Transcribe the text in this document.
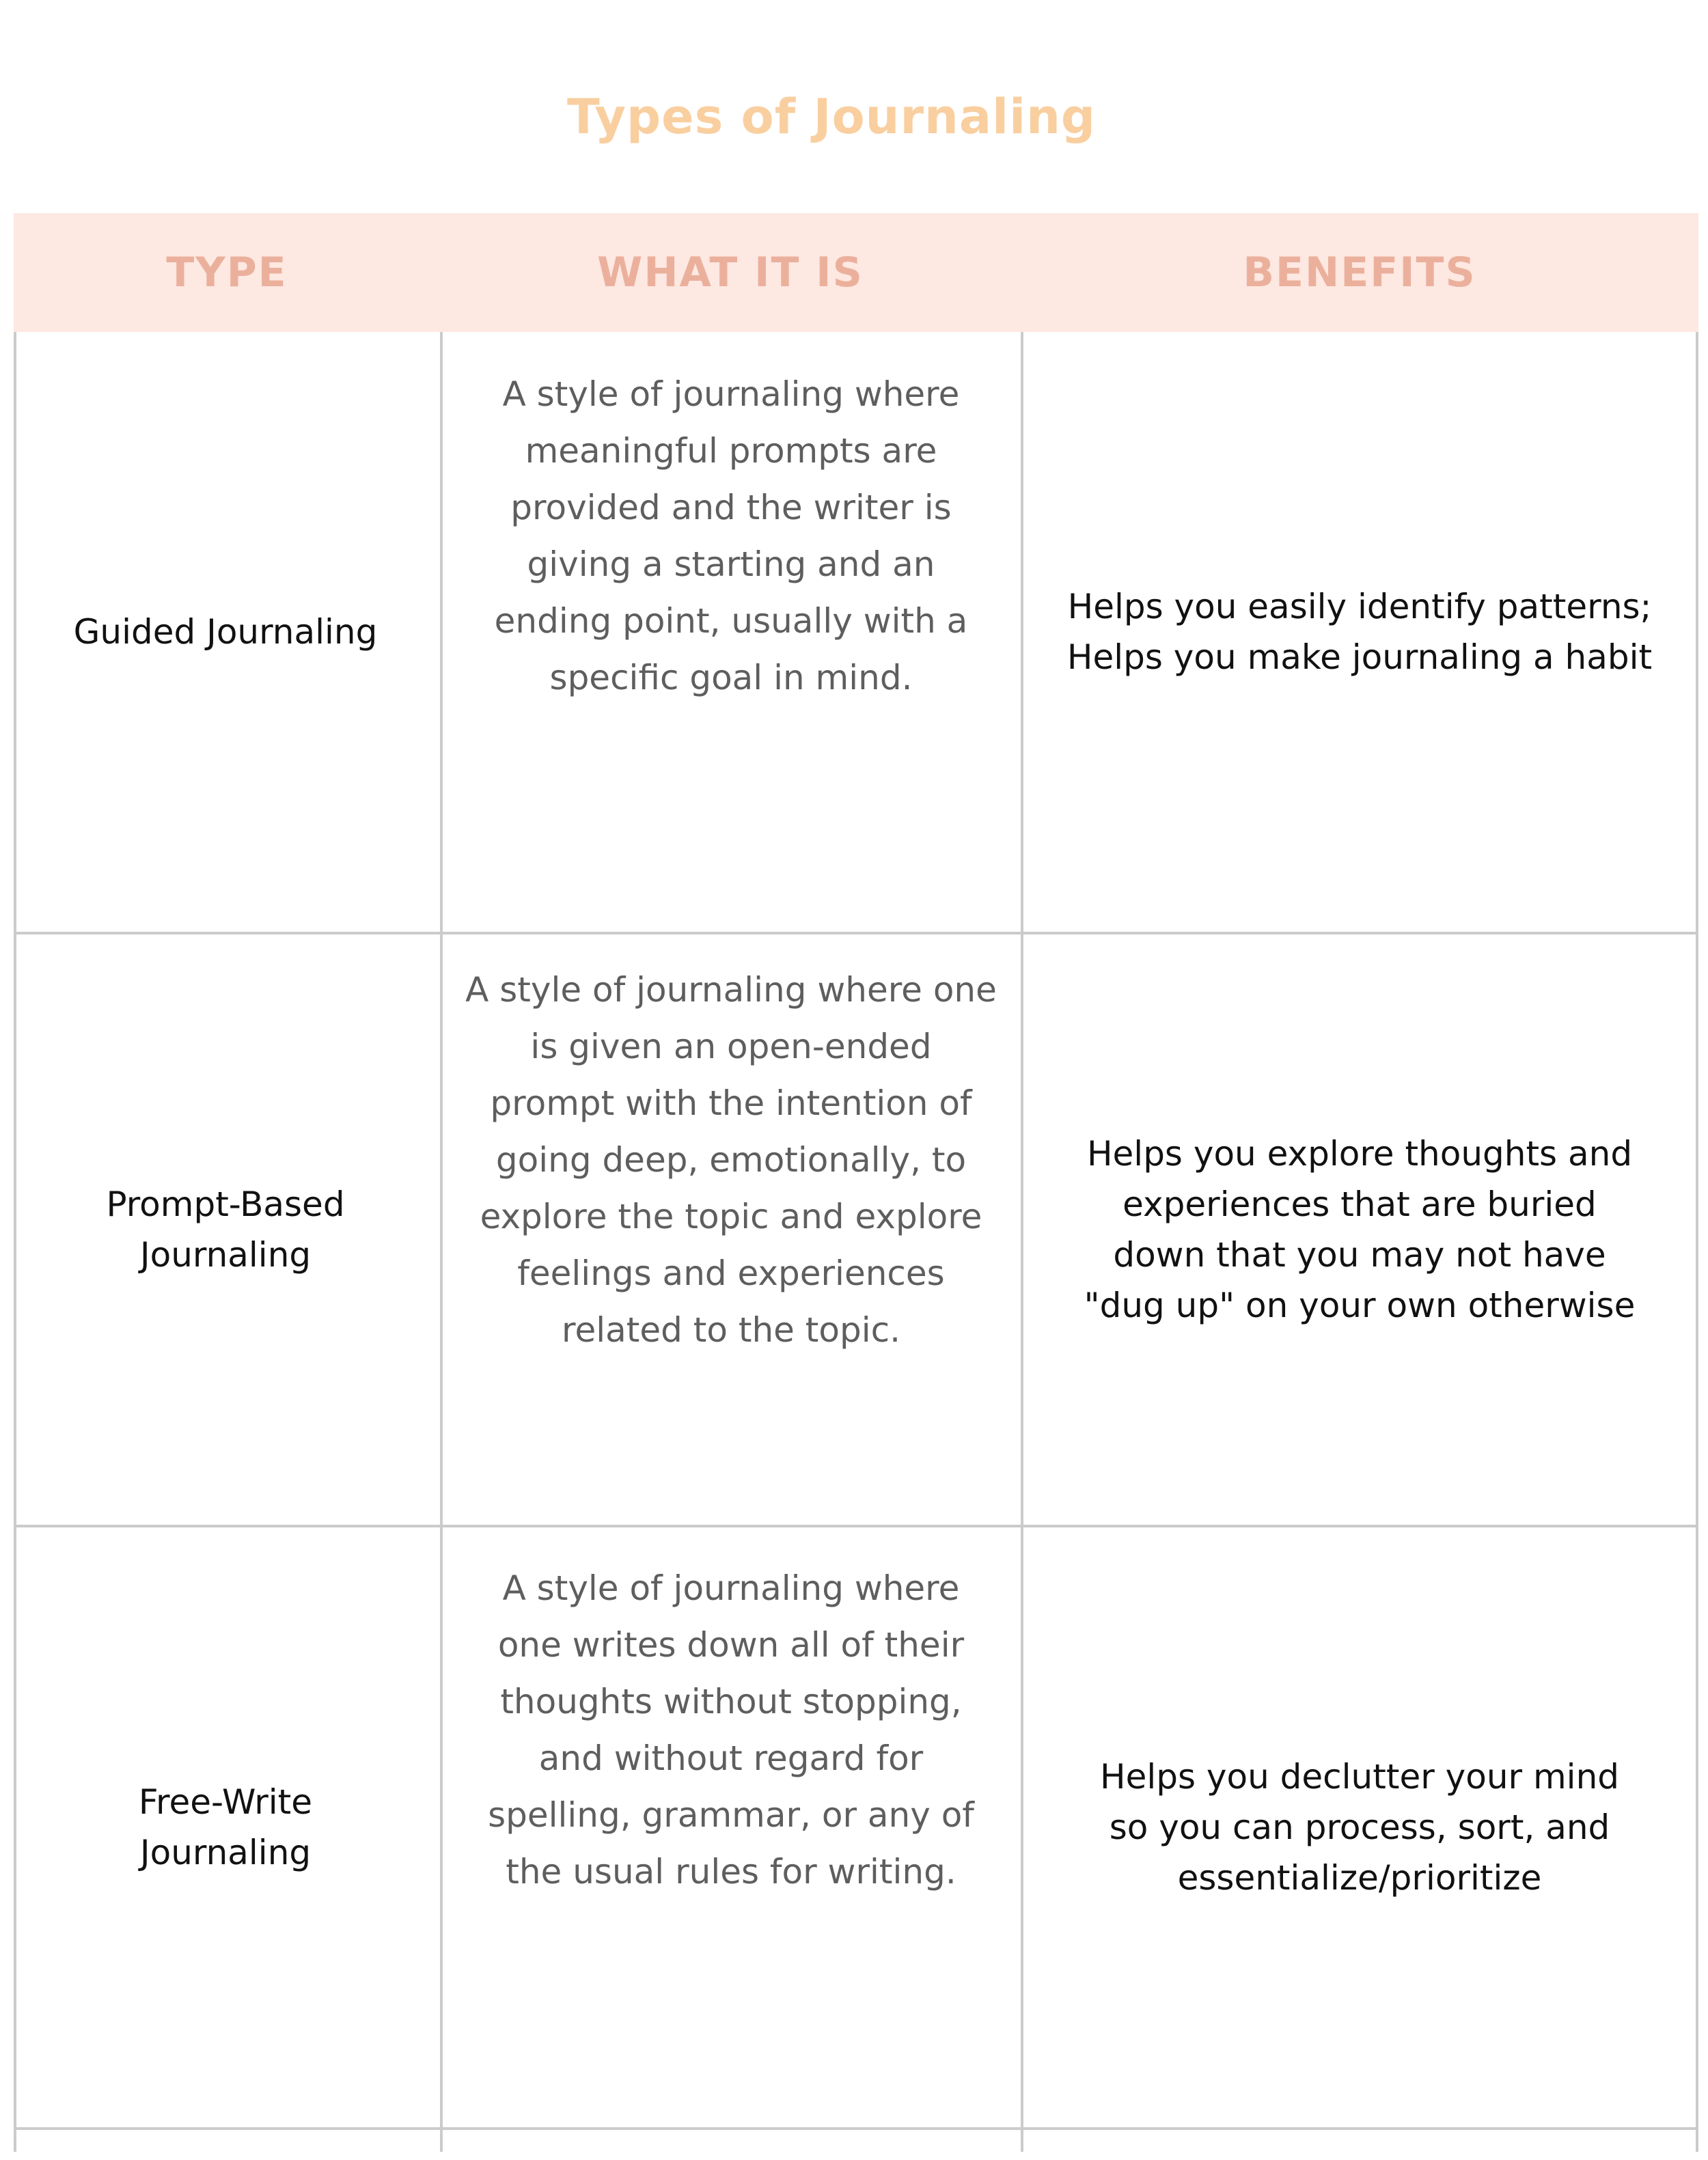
Types of Journaling
TYPE	WHAT IT IS	BENEFITS
Guided Journaling
A style of journaling where meaningful prompts are provided and the writer is giving a starting and an ending point, usually with a specific goal in mind.
Helps you easily identify patterns; Helps you make journaling a habit
Prompt-Based Journaling
A style of journaling where one is given an open-ended prompt with the intention of going deep, emotionally, to explore the topic and explore feelings and experiences related to the topic.
Helps you explore thoughts and experiences that are buried down that you may not have "dug up" on your own otherwise
Free-Write Journaling
A style of journaling where one writes down all of their thoughts without stopping, and without regard for spelling, grammar, or any of the usual rules for writing.
Helps you declutter your mind so you can process, sort, and essentialize/prioritize
